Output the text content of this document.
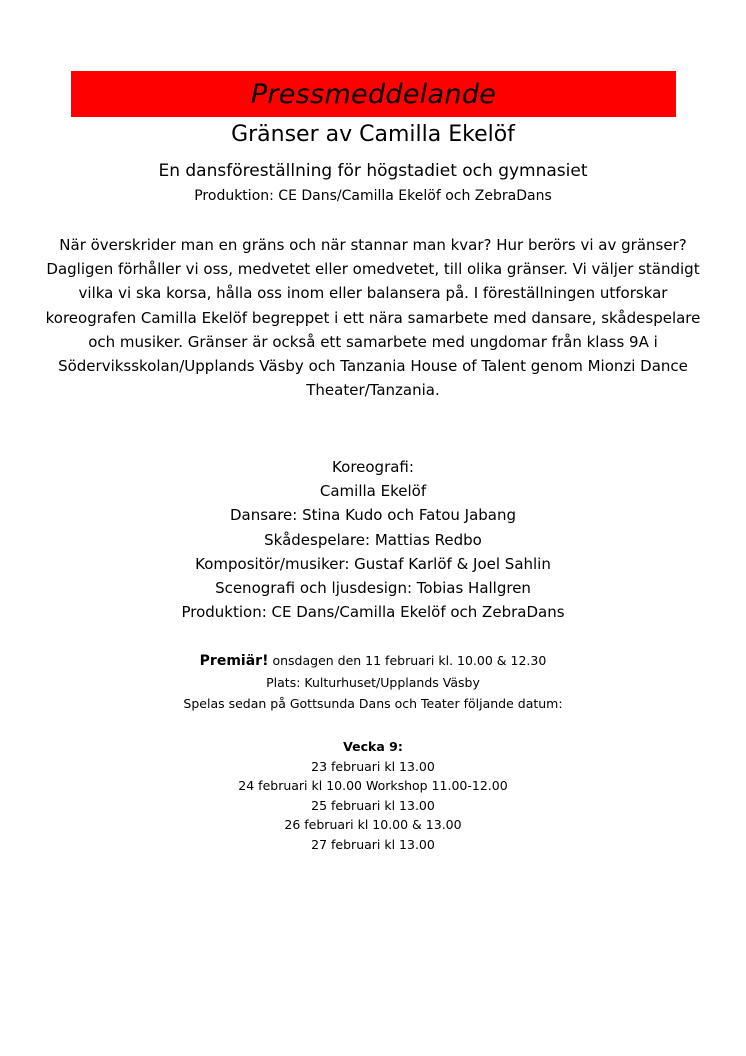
Pressmeddelande
Gränser av Camilla Ekelöf
En dansföreställning för högstadiet och gymnasiet
Produktion: CE Dans/Camilla Ekelöf och ZebraDans

När överskrider man en gräns och när stannar man kvar? Hur berörs vi av gränser? Dagligen förhåller vi oss, medvetet eller omedvetet, till olika gränser. Vi väljer ständigt vilka vi ska korsa, hålla oss inom eller balansera på. I föreställningen utforskar koreografen Camilla Ekelöf begreppet i ett nära samarbete med dansare, skådespelare och musiker. Gränser är också ett samarbete med ungdomar från klass 9A i Söderviksskolan/Upplands Väsby och Tanzania House of Talent genom Mionzi Dance Theater/Tanzania.

Koreografi:
Camilla Ekelöf
Dansare: Stina Kudo och Fatou Jabang
Skådespelare: Mattias Redbo
Kompositör/musiker: Gustaf Karlöf & Joel Sahlin
Scenografi och ljusdesign: Tobias Hallgren
Produktion: CE Dans/Camilla Ekelöf och ZebraDans
Premiär! onsdagen den 11 februari kl. 10.00 & 12.30
Plats: Kulturhuset/Upplands Väsby
Spelas sedan på Gottsunda Dans och Teater följande datum:
Vecka 9:
23 februari kl 13.00
24 februari kl 10.00 Workshop 11.00-12.00
25 februari kl 13.00
26 februari kl 10.00 & 13.00
27 februari kl 13.00
